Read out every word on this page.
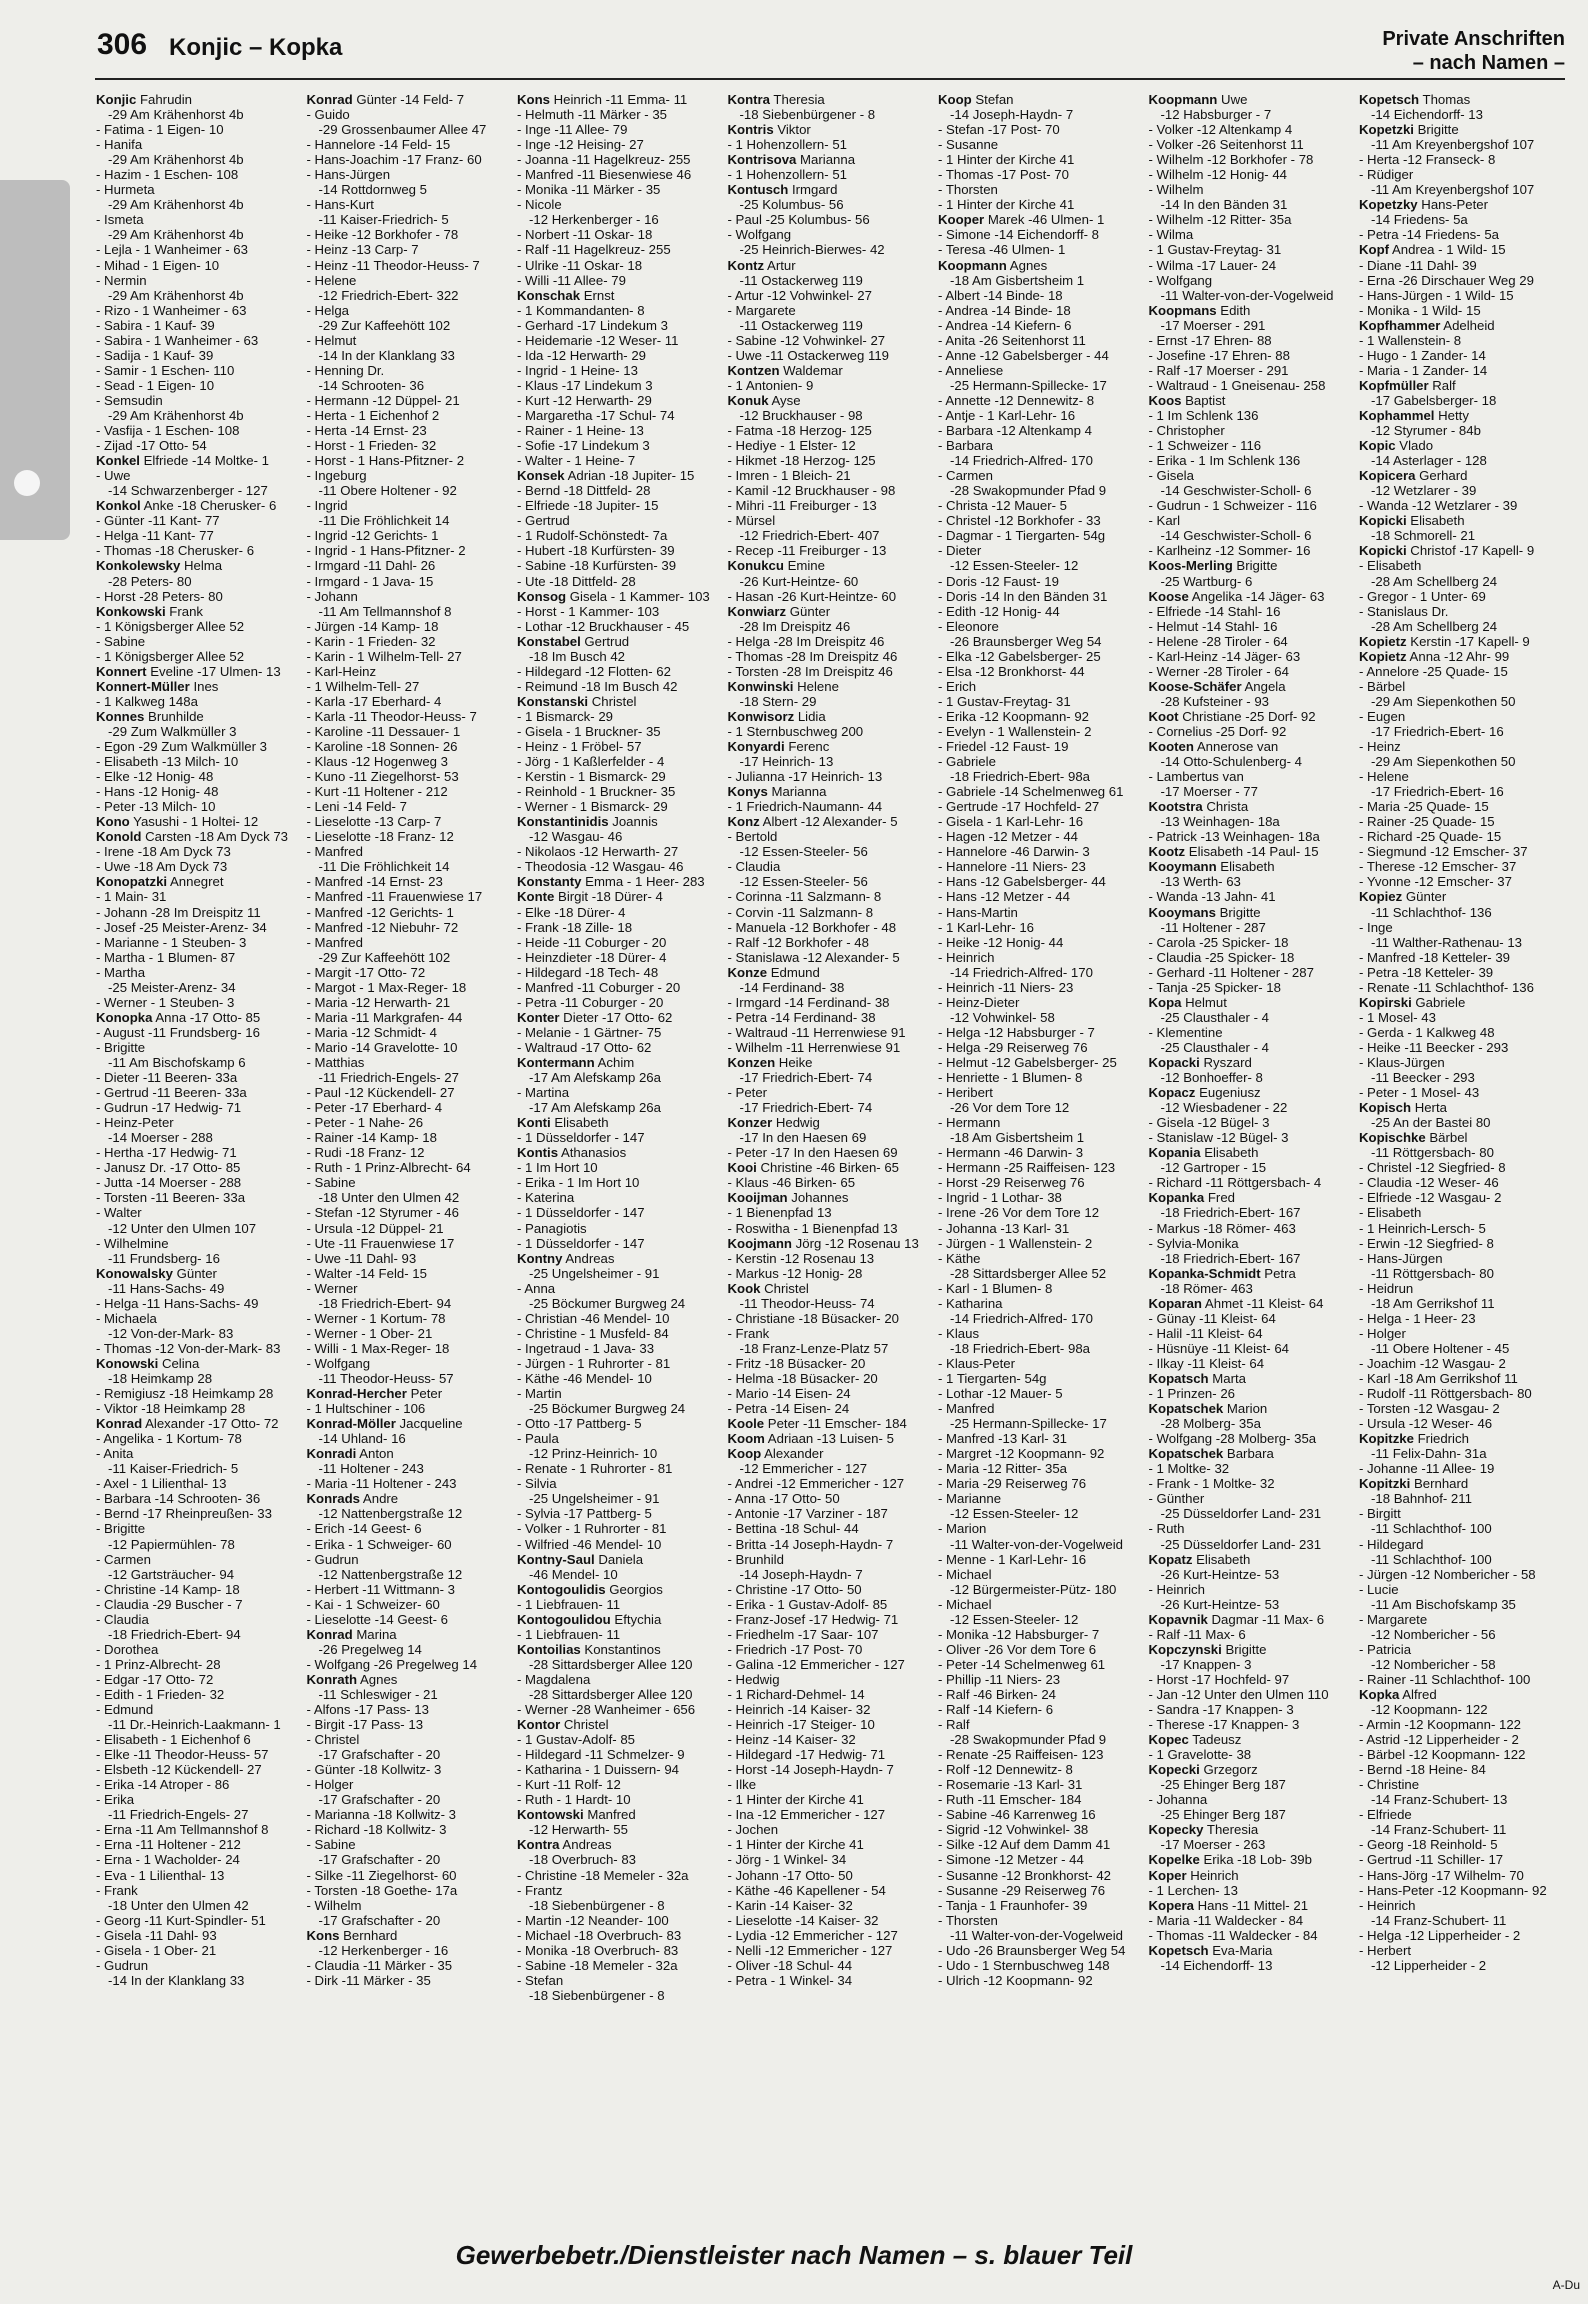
306 Konjic – Kopka	Private Anschriften
– nach Namen –
Konjic Fahrudin
-29 Am Krähenhorst 4b
- Fatima - 1 Eigen- 10
- Hanifa
-29 Am Krähenhorst 4b
- Hazim - 1 Eschen- 108
- Hurmeta
-29 Am Krähenhorst 4b
- Ismeta
-29 Am Krähenhorst 4b
- Lejla - 1 Wanheimer - 63
- Mihad - 1 Eigen- 10
- Nermin
-29 Am Krähenhorst 4b
- Rizo - 1 Wanheimer - 63
- Sabira - 1 Kauf- 39
- Sabira - 1 Wanheimer - 63
- Sadija - 1 Kauf- 39
- Samir - 1 Eschen- 110
- Sead - 1 Eigen- 10
- Semsudin
-29 Am Krähenhorst 4b
- Vasfija - 1 Eschen- 108
- Zijad -17 Otto- 54
Konkel Elfriede -14 Moltke- 1
- Uwe
-14 Schwarzenberger - 127
Konkol Anke -18 Cherusker- 6
- Günter -11 Kant- 77
- Helga -11 Kant- 77
- Thomas -18 Cherusker- 6
Konkolewsky Helma
-28 Peters- 80
- Horst -28 Peters- 80
Konkowski Frank
- 1 Königsberger Allee 52
- Sabine
- 1 Königsberger Allee 52
Konnert Eveline -17 Ulmen- 13
Konnert-Müller Ines
- 1 Kalkweg 148a
Konnes Brunhilde
-29 Zum Walkmüller 3
- Egon -29 Zum Walkmüller 3
- Elisabeth -13 Milch- 10
- Elke -12 Honig- 48
- Hans -12 Honig- 48
- Peter -13 Milch- 10
Kono Yasushi - 1 Holtei- 12
Konold Carsten -18 Am Dyck 73
- Irene -18 Am Dyck 73
- Uwe -18 Am Dyck 73
Konopatzki Annegret
- 1 Main- 31
- Johann -28 Im Dreispitz 11
- Josef -25 Meister-Arenz- 34
- Marianne - 1 Steuben- 3
- Martha - 1 Blumen- 87
- Martha
-25 Meister-Arenz- 34
- Werner - 1 Steuben- 3
Konopka Anna -17 Otto- 85
- August -11 Frundsberg- 16
- Brigitte
-11 Am Bischofskamp 6
- Dieter -11 Beeren- 33a
- Gertrud -11 Beeren- 33a
- Gudrun -17 Hedwig- 71
- Heinz-Peter
-14 Moerser - 288
- Hertha -17 Hedwig- 71
- Janusz Dr. -17 Otto- 85
- Jutta -14 Moerser - 288
- Torsten -11 Beeren- 33a
- Walter
-12 Unter den Ulmen 107
- Wilhelmine
-11 Frundsberg- 16
Konowalsky Günter
-11 Hans-Sachs- 49
- Helga -11 Hans-Sachs- 49
- Michaela
-12 Von-der-Mark- 83
- Thomas -12 Von-der-Mark- 83
Konowski Celina
-18 Heimkamp 28
- Remigiusz -18 Heimkamp 28
- Viktor -18 Heimkamp 28
Konrad Alexander -17 Otto- 72
- Angelika - 1 Kortum- 78
- Anita
-11 Kaiser-Friedrich- 5
- Axel - 1 Lilienthal- 13
- Barbara -14 Schrooten- 36
- Bernd -17 Rheinpreußen- 33
- Brigitte
-12 Papiermühlen- 78
- Carmen
-12 Gartsträucher- 94
- Christine -14 Kamp- 18
- Claudia -29 Buscher - 7
- Claudia
-18 Friedrich-Ebert- 94
- Dorothea
- 1 Prinz-Albrecht- 28
- Edgar -17 Otto- 72
- Edith - 1 Frieden- 32
- Edmund
-11 Dr.-Heinrich-Laakmann- 1
- Elisabeth - 1 Eichenhof 6
- Elke -11 Theodor-Heuss- 57
- Elsbeth -12 Kückendell- 27
- Erika -14 Atroper - 86
- Erika
-11 Friedrich-Engels- 27
- Erna -11 Am Tellmannshof 8
- Erna -11 Holtener - 212
- Erna - 1 Wacholder- 24
- Eva - 1 Lilienthal- 13
- Frank
-18 Unter den Ulmen 42
- Georg -11 Kurt-Spindler- 51
- Gisela -11 Dahl- 93
- Gisela - 1 Ober- 21
- Gudrun
-14 In der Klanklang 33
Konrad Günter -14 Feld- 7
- Guido
-29 Grossenbaumer Allee 47
- Hannelore -14 Feld- 15
- Hans-Joachim -17 Franz- 60
- Hans-Jürgen
-14 Rottdornweg 5
- Hans-Kurt
-11 Kaiser-Friedrich- 5
- Heike -12 Borkhofer - 78
- Heinz -13 Carp- 7
- Heinz -11 Theodor-Heuss- 7
- Helene
-12 Friedrich-Ebert- 322
- Helga
-29 Zur Kaffeehött 102
- Helmut
-14 In der Klanklang 33
- Henning Dr.
-14 Schrooten- 36
- Hermann -12 Düppel- 21
- Herta - 1 Eichenhof 2
- Herta -14 Ernst- 23
- Horst - 1 Frieden- 32
- Horst - 1 Hans-Pfitzner- 2
- Ingeburg
-11 Obere Holtener - 92
- Ingrid
-11 Die Fröhlichkeit 14
- Ingrid -12 Gerichts- 1
- Ingrid - 1 Hans-Pfitzner- 2
- Irmgard -11 Dahl- 26
- Irmgard - 1 Java- 15
- Johann
-11 Am Tellmannshof 8
- Jürgen -14 Kamp- 18
- Karin - 1 Frieden- 32
- Karin - 1 Wilhelm-Tell- 27
- Karl-Heinz
- 1 Wilhelm-Tell- 27
- Karla -17 Eberhard- 4
- Karla -11 Theodor-Heuss- 7
- Karoline -11 Dessauer- 1
- Karoline -18 Sonnen- 26
- Klaus -12 Hogenweg 3
- Kuno -11 Ziegelhorst- 53
- Kurt -11 Holtener - 212
- Leni -14 Feld- 7
- Lieselotte -13 Carp- 7
- Lieselotte -18 Franz- 12
- Manfred
-11 Die Fröhlichkeit 14
- Manfred -14 Ernst- 23
- Manfred -11 Frauenwiese 17
- Manfred -12 Gerichts- 1
- Manfred -12 Niebuhr- 72
- Manfred
-29 Zur Kaffeehött 102
- Margit -17 Otto- 72
- Margot - 1 Max-Reger- 18
- Maria -12 Herwarth- 21
- Maria -11 Markgrafen- 44
- Maria -12 Schmidt- 4
- Mario -14 Gravelotte- 10
- Matthias
-11 Friedrich-Engels- 27
- Paul -12 Kückendell- 27
- Peter -17 Eberhard- 4
- Peter - 1 Nahe- 26
- Rainer -14 Kamp- 18
- Rudi -18 Franz- 12
- Ruth - 1 Prinz-Albrecht- 64
- Sabine
-18 Unter den Ulmen 42
- Stefan -12 Styrumer - 46
- Ursula -12 Düppel- 21
- Ute -11 Frauenwiese 17
- Uwe -11 Dahl- 93
- Walter -14 Feld- 15
- Werner
-18 Friedrich-Ebert- 94
- Werner - 1 Kortum- 78
- Werner - 1 Ober- 21
- Willi - 1 Max-Reger- 18
- Wolfgang
-11 Theodor-Heuss- 57
Konrad-Hercher Peter
- 1 Hultschiner - 106
Konrad-Möller Jacqueline
-14 Uhland- 16
Konradi Anton
-11 Holtener - 243
- Maria -11 Holtener - 243
Konrads Andre
-12 Nattenbergstraße 12
- Erich -14 Geest- 6
- Erika - 1 Schweiger- 60
- Gudrun
-12 Nattenbergstraße 12
- Herbert -11 Wittmann- 3
- Kai - 1 Schweizer- 60
- Lieselotte -14 Geest- 6
Konrad Marina
-26 Pregelweg 14
- Wolfgang -26 Pregelweg 14
Konrath Agnes
-11 Schleswiger - 21
- Alfons -17 Pass- 13
- Birgit -17 Pass- 13
- Christel
-17 Grafschafter - 20
- Günter -18 Kollwitz- 3
- Holger
-17 Grafschafter - 20
- Marianna -18 Kollwitz- 3
- Richard -18 Kollwitz- 3
- Sabine
-17 Grafschafter - 20
- Silke -11 Ziegelhorst- 60
- Torsten -18 Goethe- 17a
- Wilhelm
-17 Grafschafter - 20
Kons Bernhard
-12 Herkenberger - 16
- Claudia -11 Märker - 35
- Dirk -11 Märker - 35
Kons Heinrich -11 Emma- 11
- Helmuth -11 Märker - 35
- Inge -11 Allee- 79
- Inge -12 Heising- 27
- Joanna -11 Hagelkreuz- 255
- Manfred -11 Biesenwiese 46
- Monika -11 Märker - 35
- Nicole
-12 Herkenberger - 16
- Norbert -11 Oskar- 18
- Ralf -11 Hagelkreuz- 255
- Ulrike -11 Oskar- 18
- Willi -11 Allee- 79
Konschak Ernst
- 1 Kommandanten- 8
- Gerhard -17 Lindekum 3
- Heidemarie -12 Weser- 11
- Ida -12 Herwarth- 29
- Ingrid - 1 Heine- 13
- Klaus -17 Lindekum 3
- Kurt -12 Herwarth- 29
- Margaretha -17 Schul- 74
- Rainer - 1 Heine- 13
- Sofie -17 Lindekum 3
- Walter - 1 Heine- 7
Konsek Adrian -18 Jupiter- 15
- Bernd -18 Dittfeld- 28
- Elfriede -18 Jupiter- 15
- Gertrud
- 1 Rudolf-Schönstedt- 7a
- Hubert -18 Kurfürsten- 39
- Sabine -18 Kurfürsten- 39
- Ute -18 Dittfeld- 28
Konsog Gisela - 1 Kammer- 103
- Horst - 1 Kammer- 103
- Lothar -12 Bruckhauser - 45
Konstabel Gertrud
-18 Im Busch 42
- Hildegard -12 Flotten- 62
- Reimund -18 Im Busch 42
Konstanski Christel
- 1 Bismarck- 29
- Gisela - 1 Bruckner- 35
- Heinz - 1 Fröbel- 57
- Jörg - 1 Kaßlerfelder - 4
- Kerstin - 1 Bismarck- 29
- Reinhold - 1 Bruckner- 35
- Werner - 1 Bismarck- 29
Konstantinidis Joannis
-12 Wasgau- 46
- Nikolaos -12 Herwarth- 27
- Theodosia -12 Wasgau- 46
Konstanty Emma - 1 Heer- 283
Konte Birgit -18 Dürer- 4
- Elke -18 Dürer- 4
- Frank -18 Zille- 18
- Heide -11 Coburger - 20
- Heinzdieter -18 Dürer- 4
- Hildegard -18 Tech- 48
- Manfred -11 Coburger - 20
- Petra -11 Coburger - 20
Konter Dieter -17 Otto- 62
- Melanie - 1 Gärtner- 75
- Waltraud -17 Otto- 62
Kontermann Achim
-17 Am Alefskamp 26a
- Martina
-17 Am Alefskamp 26a
Konti Elisabeth
- 1 Düsseldorfer - 147
Kontis Athanasios
- 1 Im Hort 10
- Erika - 1 Im Hort 10
- Katerina
- 1 Düsseldorfer - 147
- Panagiotis
- 1 Düsseldorfer - 147
Kontny Andreas
-25 Ungelsheimer - 91
- Anna
-25 Böckumer Burgweg 24
- Christian -46 Mendel- 10
- Christine - 1 Musfeld- 84
- Ingetraud - 1 Java- 33
- Jürgen - 1 Ruhrorter - 81
- Käthe -46 Mendel- 10
- Martin
-25 Böckumer Burgweg 24
- Otto -17 Pattberg- 5
- Paula
-12 Prinz-Heinrich- 10
- Renate - 1 Ruhrorter - 81
- Silvia
-25 Ungelsheimer - 91
- Sylvia -17 Pattberg- 5
- Volker - 1 Ruhrorter - 81
- Wilfried -46 Mendel- 10
Kontny-Saul Daniela
-46 Mendel- 10
Kontogoulidis Georgios
- 1 Liebfrauen- 11
Kontogoulidou Eftychia
- 1 Liebfrauen- 11
Kontoilias Konstantinos
-28 Sittardsberger Allee 120
- Magdalena
-28 Sittardsberger Allee 120
- Werner -28 Wanheimer - 656
Kontor Christel
- 1 Gustav-Adolf- 85
- Hildegard -11 Schmelzer- 9
- Katharina - 1 Duissern- 94
- Kurt -11 Rolf- 12
- Ruth - 1 Hardt- 10
Kontowski Manfred
-12 Herwarth- 55
Kontra Andreas
-18 Overbruch- 83
- Christine -18 Memeler - 32a
- Frantz
-18 Siebenbürgener - 8
- Martin -12 Neander- 100
- Michael -18 Overbruch- 83
- Monika -18 Overbruch- 83
- Sabine -18 Memeler - 32a
- Stefan
-18 Siebenbürgener - 8
Kontra Theresia
-18 Siebenbürgener - 8
Kontris Viktor
- 1 Hohenzollern- 51
Kontrisova Marianna
- 1 Hohenzollern- 51
Kontusch Irmgard
-25 Kolumbus- 56
- Paul -25 Kolumbus- 56
- Wolfgang
-25 Heinrich-Bierwes- 42
Kontz Artur
-11 Ostackerweg 119
- Artur -12 Vohwinkel- 27
- Margarete
-11 Ostackerweg 119
- Sabine -12 Vohwinkel- 27
- Uwe -11 Ostackerweg 119
Kontzen Waldemar
- 1 Antonien- 9
Konuk Ayse
-12 Bruckhauser - 98
- Fatma -18 Herzog- 125
- Hediye - 1 Elster- 12
- Hikmet -18 Herzog- 125
- Imren - 1 Bleich- 21
- Kamil -12 Bruckhauser - 98
- Mihri -11 Freiburger - 13
- Mürsel
-12 Friedrich-Ebert- 407
- Recep -11 Freiburger - 13
Konukcu Emine
-26 Kurt-Heintze- 60
- Hasan -26 Kurt-Heintze- 60
Konwiarz Günter
-28 Im Dreispitz 46
- Helga -28 Im Dreispitz 46
- Thomas -28 Im Dreispitz 46
- Torsten -28 Im Dreispitz 46
Konwinski Helene
-18 Stern- 29
Konwisorz Lidia
- 1 Sternbuschweg 200
Konyardi Ferenc
-17 Heinrich- 13
- Julianna -17 Heinrich- 13
Konys Marianna
- 1 Friedrich-Naumann- 44
Konz Albert -12 Alexander- 5
- Bertold
-12 Essen-Steeler- 56
- Claudia
-12 Essen-Steeler- 56
- Corinna -11 Salzmann- 8
- Corvin -11 Salzmann- 8
- Manuela -12 Borkhofer - 48
- Ralf -12 Borkhofer - 48
- Stanislawa -12 Alexander- 5
Konze Edmund
-14 Ferdinand- 38
- Irmgard -14 Ferdinand- 38
- Petra -14 Ferdinand- 38
- Waltraud -11 Herrenwiese 91
- Wilhelm -11 Herrenwiese 91
Konzen Heike
-17 Friedrich-Ebert- 74
- Peter
-17 Friedrich-Ebert- 74
Konzer Hedwig
-17 In den Haesen 69
- Peter -17 In den Haesen 69
Kooi Christine -46 Birken- 65
- Klaus -46 Birken- 65
Kooijman Johannes
- 1 Bienenpfad 13
- Roswitha - 1 Bienenpfad 13
Koojmann Jörg -12 Rosenau 13
- Kerstin -12 Rosenau 13
- Markus -12 Honig- 28
Kook Christel
-11 Theodor-Heuss- 74
- Christiane -18 Büsacker- 20
- Frank
-18 Franz-Lenze-Platz 57
- Fritz -18 Büsacker- 20
- Helma -18 Büsacker- 20
- Mario -14 Eisen- 24
- Petra -14 Eisen- 24
Koole Peter -11 Emscher- 184
Koom Adriaan -13 Luisen- 5
Koop Alexander
-12 Emmericher - 127
- Andrei -12 Emmericher - 127
- Anna -17 Otto- 50
- Antonie -17 Varziner - 187
- Bettina -18 Schul- 44
- Britta -14 Joseph-Haydn- 7
- Brunhild
-14 Joseph-Haydn- 7
- Christine -17 Otto- 50
- Erika - 1 Gustav-Adolf- 85
- Franz-Josef -17 Hedwig- 71
- Friedhelm -17 Saar- 107
- Friedrich -17 Post- 70
- Galina -12 Emmericher - 127
- Hedwig
- 1 Richard-Dehmel- 14
- Heinrich -14 Kaiser- 32
- Heinrich -17 Steiger- 10
- Heinz -14 Kaiser- 32
- Hildegard -17 Hedwig- 71
- Horst -14 Joseph-Haydn- 7
- Ilke
- 1 Hinter der Kirche 41
- Ina -12 Emmericher - 127
- Jochen
- 1 Hinter der Kirche 41
- Jörg - 1 Winkel- 34
- Johann -17 Otto- 50
- Käthe -46 Kapellener - 54
- Karin -14 Kaiser- 32
- Lieselotte -14 Kaiser- 32
- Lydia -12 Emmericher - 127
- Nelli -12 Emmericher - 127
- Oliver -18 Schul- 44
- Petra - 1 Winkel- 34
Koop Stefan
-14 Joseph-Haydn- 7
- Stefan -17 Post- 70
- Susanne
- 1 Hinter der Kirche 41
- Thomas -17 Post- 70
- Thorsten
- 1 Hinter der Kirche 41
Kooper Marek -46 Ulmen- 1
- Simone -14 Eichendorff- 8
- Teresa -46 Ulmen- 1
Koopmann Agnes
-18 Am Gisbertsheim 1
- Albert -14 Binde- 18
- Andrea -14 Binde- 18
- Andrea -14 Kiefern- 6
- Anita -26 Seitenhorst 11
- Anne -12 Gabelsberger - 44
- Anneliese
-25 Hermann-Spillecke- 17
- Annette -12 Dennewitz- 8
- Antje - 1 Karl-Lehr- 16
- Barbara -12 Altenkamp 4
- Barbara
-14 Friedrich-Alfred- 170
- Carmen
-28 Swakopmunder Pfad 9
- Christa -12 Mauer- 5
- Christel -12 Borkhofer - 33
- Dagmar - 1 Tiergarten- 54g
- Dieter
-12 Essen-Steeler- 12
- Doris -12 Faust- 19
- Doris -14 In den Bänden 31
- Edith -12 Honig- 44
- Eleonore
-26 Braunsberger Weg 54
- Elka -12 Gabelsberger- 25
- Elsa -12 Bronkhorst- 44
- Erich
- 1 Gustav-Freytag- 31
- Erika -12 Koopmann- 92
- Evelyn - 1 Wallenstein- 2
- Friedel -12 Faust- 19
- Gabriele
-18 Friedrich-Ebert- 98a
- Gabriele -14 Schelmenweg 61
- Gertrude -17 Hochfeld- 27
- Gisela - 1 Karl-Lehr- 16
- Hagen -12 Metzer - 44
- Hannelore -46 Darwin- 3
- Hannelore -11 Niers- 23
- Hans -12 Gabelsberger- 44
- Hans -12 Metzer - 44
- Hans-Martin
- 1 Karl-Lehr- 16
- Heike -12 Honig- 44
- Heinrich
-14 Friedrich-Alfred- 170
- Heinrich -11 Niers- 23
- Heinz-Dieter
-12 Vohwinkel- 58
- Helga -12 Habsburger - 7
- Helga -29 Reiserweg 76
- Helmut -12 Gabelsberger- 25
- Henriette - 1 Blumen- 8
- Heribert
-26 Vor dem Tore 12
- Hermann
-18 Am Gisbertsheim 1
- Hermann -46 Darwin- 3
- Hermann -25 Raiffeisen- 123
- Horst -29 Reiserweg 76
- Ingrid - 1 Lothar- 38
- Irene -26 Vor dem Tore 12
- Johanna -13 Karl- 31
- Jürgen - 1 Wallenstein- 2
- Käthe
-28 Sittardsberger Allee 52
- Karl - 1 Blumen- 8
- Katharina
-14 Friedrich-Alfred- 170
- Klaus
-18 Friedrich-Ebert- 98a
- Klaus-Peter
- 1 Tiergarten- 54g
- Lothar -12 Mauer- 5
- Manfred
-25 Hermann-Spillecke- 17
- Manfred -13 Karl- 31
- Margret -12 Koopmann- 92
- Maria -12 Ritter- 35a
- Maria -29 Reiserweg 76
- Marianne
-12 Essen-Steeler- 12
- Marion
-11 Walter-von-der-Vogelweid
- Menne - 1 Karl-Lehr- 16
- Michael
-12 Bürgermeister-Pütz- 180
- Michael
-12 Essen-Steeler- 12
- Monika -12 Habsburger- 7
- Oliver -26 Vor dem Tore 6
- Peter -14 Schelmenweg 61
- Phillip -11 Niers- 23
- Ralf -46 Birken- 24
- Ralf -14 Kiefern- 6
- Ralf
-28 Swakopmunder Pfad 9
- Renate -25 Raiffeisen- 123
- Rolf -12 Dennewitz- 8
- Rosemarie -13 Karl- 31
- Ruth -11 Emscher- 184
- Sabine -46 Karrenweg 16
- Sigrid -12 Vohwinkel- 38
- Silke -12 Auf dem Damm 41
- Simone -12 Metzer - 44
- Susanne -12 Bronkhorst- 42
- Susanne -29 Reiserweg 76
- Tanja - 1 Fraunhofer- 39
- Thorsten
-11 Walter-von-der-Vogelweid
- Udo -26 Braunsberger Weg 54
- Udo - 1 Sternbuschweg 148
- Ulrich -12 Koopmann- 92
Koopmann Uwe
-12 Habsburger - 7
- Volker -12 Altenkamp 4
- Volker -26 Seitenhorst 11
- Wilhelm -12 Borkhofer - 78
- Wilhelm -12 Honig- 44
- Wilhelm
-14 In den Bänden 31
- Wilhelm -12 Ritter- 35a
- Wilma
- 1 Gustav-Freytag- 31
- Wilma -17 Lauer- 24
- Wolfgang
-11 Walter-von-der-Vogelweid
Koopmans Edith
-17 Moerser - 291
- Ernst -17 Ehren- 88
- Josefine -17 Ehren- 88
- Ralf -17 Moerser - 291
- Waltraud - 1 Gneisenau- 258
Koos Baptist
- 1 Im Schlenk 136
- Christopher
- 1 Schweizer - 116
- Erika - 1 Im Schlenk 136
- Gisela
-14 Geschwister-Scholl- 6
- Gudrun - 1 Schweizer - 116
- Karl
-14 Geschwister-Scholl- 6
- Karlheinz -12 Sommer- 16
Koos-Merling Brigitte
-25 Wartburg- 6
Koose Angelika -14 Jäger- 63
- Elfriede -14 Stahl- 16
- Helmut -14 Stahl- 16
- Helene -28 Tiroler - 64
- Karl-Heinz -14 Jäger- 63
- Werner -28 Tiroler - 64
Koose-Schäfer Angela
-28 Kufsteiner - 93
Koot Christiane -25 Dorf- 92
- Cornelius -25 Dorf- 92
Kooten Annerose van
-14 Otto-Schulenberg- 4
- Lambertus van
-17 Moerser - 77
Kootstra Christa
-13 Weinhagen- 18a
- Patrick -13 Weinhagen- 18a
Kootz Elisabeth -14 Paul- 15
Kooymann Elisabeth
-13 Werth- 63
- Wanda -13 Jahn- 41
Kooymans Brigitte
-11 Holtener - 287
- Carola -25 Spicker- 18
- Claudia -25 Spicker- 18
- Gerhard -11 Holtener - 287
- Tanja -25 Spicker- 18
Kopa Helmut
-25 Clausthaler - 4
- Klementine
-25 Clausthaler - 4
Kopacki Ryszard
-12 Bonhoeffer- 8
Kopacz Eugeniusz
-12 Wiesbadener - 22
- Gisela -12 Bügel- 3
- Stanislaw -12 Bügel- 3
Kopania Elisabeth
-12 Gartroper - 15
- Richard -11 Röttgersbach- 4
Kopanka Fred
-18 Friedrich-Ebert- 167
- Markus -18 Römer- 463
- Sylvia-Monika
-18 Friedrich-Ebert- 167
Kopanka-Schmidt Petra
-18 Römer- 463
Koparan Ahmet -11 Kleist- 64
- Günay -11 Kleist- 64
- Halil -11 Kleist- 64
- Hüsnüye -11 Kleist- 64
- Ilkay -11 Kleist- 64
Kopatsch Marta
- 1 Prinzen- 26
Kopatschek Marion
-28 Molberg- 35a
- Wolfgang -28 Molberg- 35a
Kopatschek Barbara
- 1 Moltke- 32
- Frank - 1 Moltke- 32
- Günther
-25 Düsseldorfer Land- 231
- Ruth
-25 Düsseldorfer Land- 231
Kopatz Elisabeth
-26 Kurt-Heintze- 53
- Heinrich
-26 Kurt-Heintze- 53
Kopavnik Dagmar -11 Max- 6
- Ralf -11 Max- 6
Kopczynski Brigitte
-17 Knappen- 3
- Horst -17 Hochfeld- 97
- Jan -12 Unter den Ulmen 110
- Sandra -17 Knappen- 3
- Therese -17 Knappen- 3
Kopec Tadeusz
- 1 Gravelotte- 38
Kopecki Grzegorz
-25 Ehinger Berg 187
- Johanna
-25 Ehinger Berg 187
Kopecky Theresia
-17 Moerser - 263
Kopelke Erika -18 Lob- 39b
Koper Heinrich
- 1 Lerchen- 13
Kopera Hans -11 Mittel- 21
- Maria -11 Waldecker - 84
- Thomas -11 Waldecker - 84
Kopetsch Eva-Maria
-14 Eichendorff- 13
Kopetsch Thomas
-14 Eichendorff- 13
Kopetzki Brigitte
-11 Am Kreyenbergshof 107
- Herta -12 Franseck- 8
- Rüdiger
-11 Am Kreyenbergshof 107
Kopetzky Hans-Peter
-14 Friedens- 5a
- Petra -14 Friedens- 5a
Kopf Andrea - 1 Wild- 15
- Diane -11 Dahl- 39
- Erna -26 Dirschauer Weg 29
- Hans-Jürgen - 1 Wild- 15
- Monika - 1 Wild- 15
Kopfhammer Adelheid
- 1 Wallenstein- 8
- Hugo - 1 Zander- 14
- Maria - 1 Zander- 14
Kopfmüller Ralf
-17 Gabelsberger- 18
Kophammel Hetty
-12 Styrumer - 84b
Kopic Vlado
-14 Asterlager - 128
Kopicera Gerhard
-12 Wetzlarer - 39
- Wanda -12 Wetzlarer - 39
Kopicki Elisabeth
-18 Schmorell- 21
Kopicki Christof -17 Kapell- 9
- Elisabeth
-28 Am Schellberg 24
- Gregor - 1 Unter- 69
- Stanislaus Dr.
-28 Am Schellberg 24
Kopietz Kerstin -17 Kapell- 9
Kopietz Anna -12 Ahr- 99
- Annelore -25 Quade- 15
- Bärbel
-29 Am Siepenkothen 50
- Eugen
-17 Friedrich-Ebert- 16
- Heinz
-29 Am Siepenkothen 50
- Helene
-17 Friedrich-Ebert- 16
- Maria -25 Quade- 15
- Rainer -25 Quade- 15
- Richard -25 Quade- 15
- Siegmund -12 Emscher- 37
- Therese -12 Emscher- 37
- Yvonne -12 Emscher- 37
Kopiez Günter
-11 Schlachthof- 136
- Inge
-11 Walther-Rathenau- 13
- Manfred -18 Ketteler- 39
- Petra -18 Ketteler- 39
- Renate -11 Schlachthof- 136
Kopirski Gabriele
- 1 Mosel- 43
- Gerda - 1 Kalkweg 48
- Heike -11 Beecker - 293
- Klaus-Jürgen
-11 Beecker - 293
- Peter - 1 Mosel- 43
Kopisch Herta
-25 An der Bastei 80
Kopischke Bärbel
-11 Röttgersbach- 80
- Christel -12 Siegfried- 8
- Claudia -12 Weser- 46
- Elfriede -12 Wasgau- 2
- Elisabeth
- 1 Heinrich-Lersch- 5
- Erwin -12 Siegfried- 8
- Hans-Jürgen
-11 Röttgersbach- 80
- Heidrun
-18 Am Gerrikshof 11
- Helga - 1 Heer- 23
- Holger
-11 Obere Holtener - 45
- Joachim -12 Wasgau- 2
- Karl -18 Am Gerrikshof 11
- Rudolf -11 Röttgersbach- 80
- Torsten -12 Wasgau- 2
- Ursula -12 Weser- 46
Kopitzke Friedrich
-11 Felix-Dahn- 31a
- Johanne -11 Allee- 19
Kopitzki Bernhard
-18 Bahnhof- 211
- Birgitt
-11 Schlachthof- 100
- Hildegard
-11 Schlachthof- 100
- Jürgen -12 Nombericher - 58
- Lucie
-11 Am Bischofskamp 35
- Margarete
-12 Nombericher - 56
- Patricia
-12 Nombericher - 58
- Rainer -11 Schlachthof- 100
Kopka Alfred
-12 Koopmann- 122
- Armin -12 Koopmann- 122
- Astrid -12 Lipperheider - 2
- Bärbel -12 Koopmann- 122
- Bernd -18 Heine- 84
- Christine
-14 Franz-Schubert- 13
- Elfriede
-14 Franz-Schubert- 11
- Georg -18 Reinhold- 5
- Gertrud -11 Schiller- 17
- Hans-Jörg -17 Wilhelm- 70
- Hans-Peter -12 Koopmann- 92
- Heinrich
-14 Franz-Schubert- 11
- Helga -12 Lipperheider - 2
- Herbert
-12 Lipperheider - 2
Gewerbebetr./Dienstleister nach Namen – s. blauer Teil
A-Du
